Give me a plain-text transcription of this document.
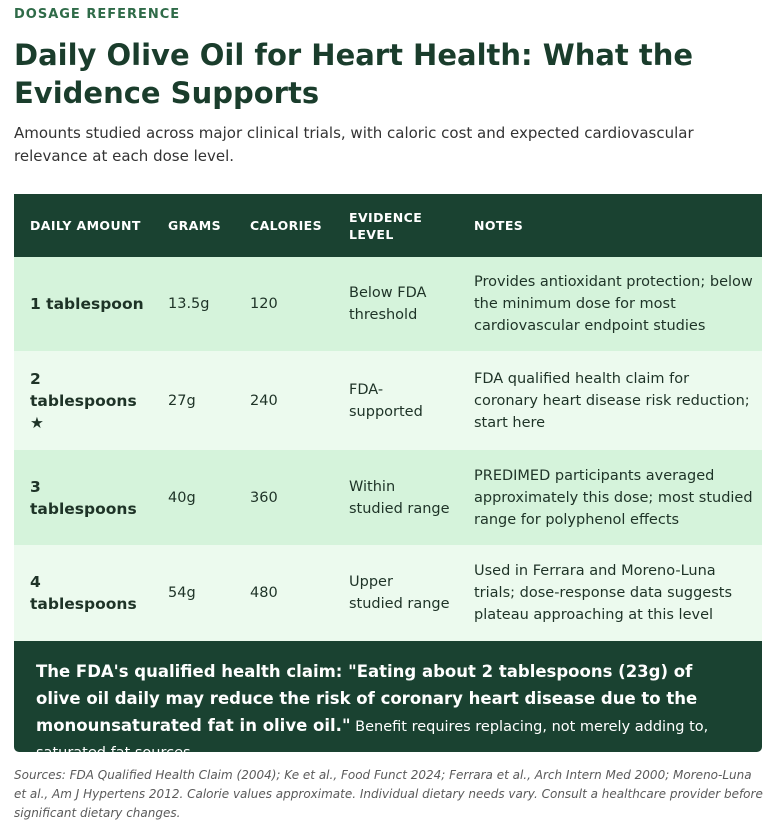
DOSAGE REFERENCE
Daily Olive Oil for Heart Health: What the Evidence Supports

Amounts studied across major clinical trials, with caloric cost and expected cardiovascular relevance at each dose level.

DAILY AMOUNT	GRAMS	CALORIES	EVIDENCE LEVEL	NOTES
1 tablespoon	13.5g	120	Below FDA threshold	Provides antioxidant protection; below the minimum dose for most cardiovascular endpoint studies
2 tablespoons ★	27g	240	FDA-supported	FDA qualified health claim for coronary heart disease risk reduction; start here
3 tablespoons	40g	360	Within studied range	PREDIMED participants averaged approximately this dose; most studied range for polyphenol effects
4 tablespoons	54g	480	Upper studied range	Used in Ferrara and Moreno-Luna trials; dose-response data suggests plateau approaching at this level
The FDA's qualified health claim: "Eating about 2 tablespoons (23g) of olive oil daily may reduce the risk of coronary heart disease due to the monounsaturated fat in olive oil." Benefit requires replacing, not merely adding to, saturated fat sources.

Sources: FDA Qualified Health Claim (2004); Ke et al., Food Funct 2024; Ferrara et al., Arch Intern Med 2000; Moreno-Luna et al., Am J Hypertens 2012. Calorie values approximate. Individual dietary needs vary. Consult a healthcare provider before significant dietary changes.
